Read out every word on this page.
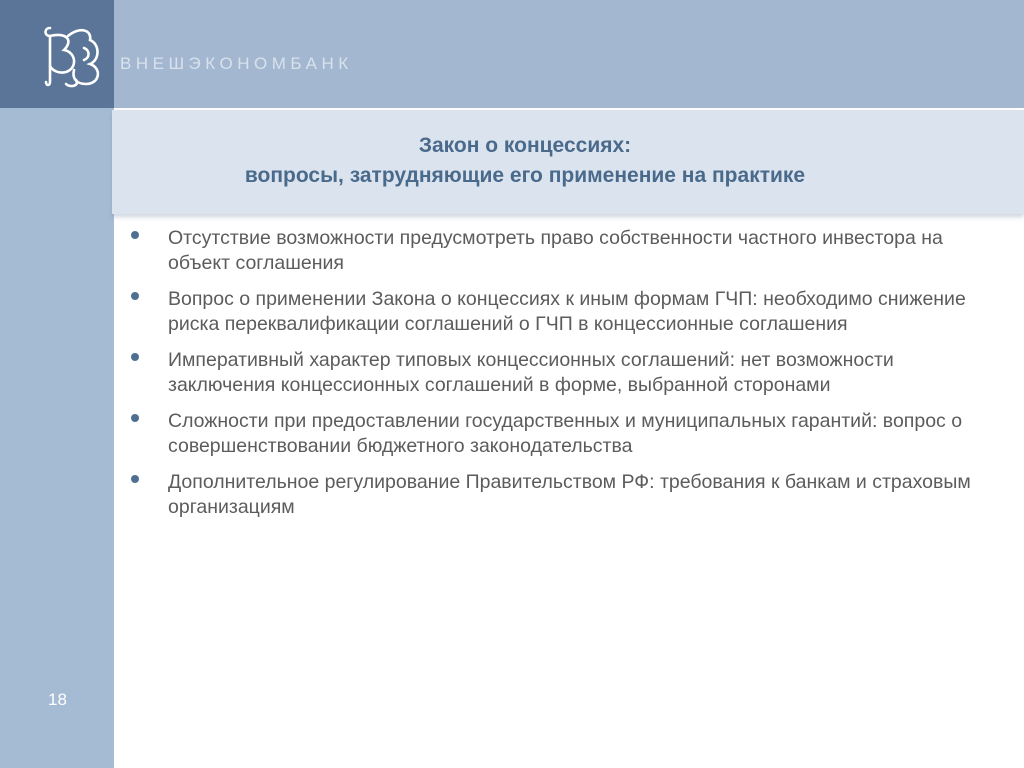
ВНЕШЭКОНОМБАНК
Закон о концессиях:
вопросы, затрудняющие его применение на практике
Отсутствие возможности предусмотреть право собственности частного инвестора на объект соглашения
Вопрос о применении Закона о концессиях к иным формам ГЧП: необходимо снижение риска переквалификации соглашений о ГЧП в концессионные соглашения
Императивный характер типовых концессионных соглашений: нет возможности заключения концессионных соглашений в форме, выбранной сторонами
Сложности при предоставлении государственных и муниципальных гарантий: вопрос о совершенствовании бюджетного законодательства
Дополнительное регулирование Правительством РФ: требования к банкам и страховым организациям
18
